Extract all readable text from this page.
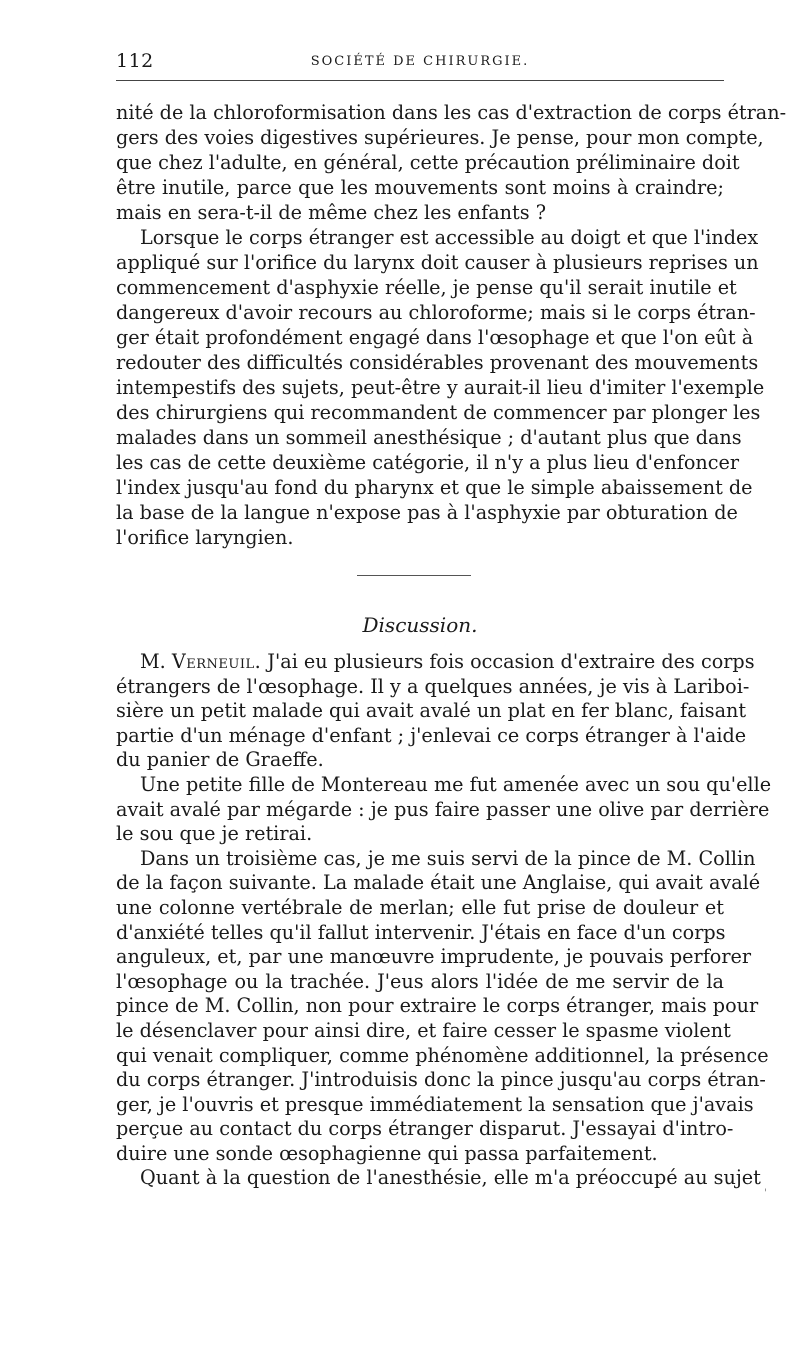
112	SOCIÉTÉ DE CHIRURGIE.
nité de la chloroformisation dans les cas d'extraction de corps étran-
gers des voies digestives supérieures. Je pense, pour mon compte,
que chez l'adulte, en général, cette précaution préliminaire doit
être inutile, parce que les mouvements sont moins à craindre;
mais en sera-t-il de même chez les enfants ?
Lorsque le corps étranger est accessible au doigt et que l'index
appliqué sur l'orifice du larynx doit causer à plusieurs reprises un
commencement d'asphyxie réelle, je pense qu'il serait inutile et
dangereux d'avoir recours au chloroforme; mais si le corps étran-
ger était profondément engagé dans l'œsophage et que l'on eût à
redouter des difficultés considérables provenant des mouvements
intempestifs des sujets, peut-être y aurait-il lieu d'imiter l'exemple
des chirurgiens qui recommandent de commencer par plonger les
malades dans un sommeil anesthésique ; d'autant plus que dans
les cas de cette deuxième catégorie, il n'y a plus lieu d'enfoncer
l'index jusqu'au fond du pharynx et que le simple abaissement de
la base de la langue n'expose pas à l'asphyxie par obturation de
l'orifice laryngien.
Discussion.
M. Verneuil. J'ai eu plusieurs fois occasion d'extraire des corps
étrangers de l'œsophage. Il y a quelques années, je vis à Lariboi-
sière un petit malade qui avait avalé un plat en fer blanc, faisant
partie d'un ménage d'enfant ; j'enlevai ce corps étranger à l'aide
du panier de Graeffe.
Une petite fille de Montereau me fut amenée avec un sou qu'elle
avait avalé par mégarde : je pus faire passer une olive par derrière
le sou que je retirai.
Dans un troisième cas, je me suis servi de la pince de M. Collin
de la façon suivante. La malade était une Anglaise, qui avait avalé
une colonne vertébrale de merlan; elle fut prise de douleur et
d'anxiété telles qu'il fallut intervenir. J'étais en face d'un corps
anguleux, et, par une manœuvre imprudente, je pouvais perforer
l'œsophage ou la trachée. J'eus alors l'idée de me servir de la
pince de M. Collin, non pour extraire le corps étranger, mais pour
le désenclaver pour ainsi dire, et faire cesser le spasme violent
qui venait compliquer, comme phénomène additionnel, la présence
du corps étranger. J'introduisis donc la pince jusqu'au corps étran-
ger, je l'ouvris et presque immédiatement la sensation que j'avais
perçue au contact du corps étranger disparut. J'essayai d'intro-
duire une sonde œsophagienne qui passa parfaitement.
Quant à la question de l'anesthésie, elle m'a préoccupé au sujet
'
